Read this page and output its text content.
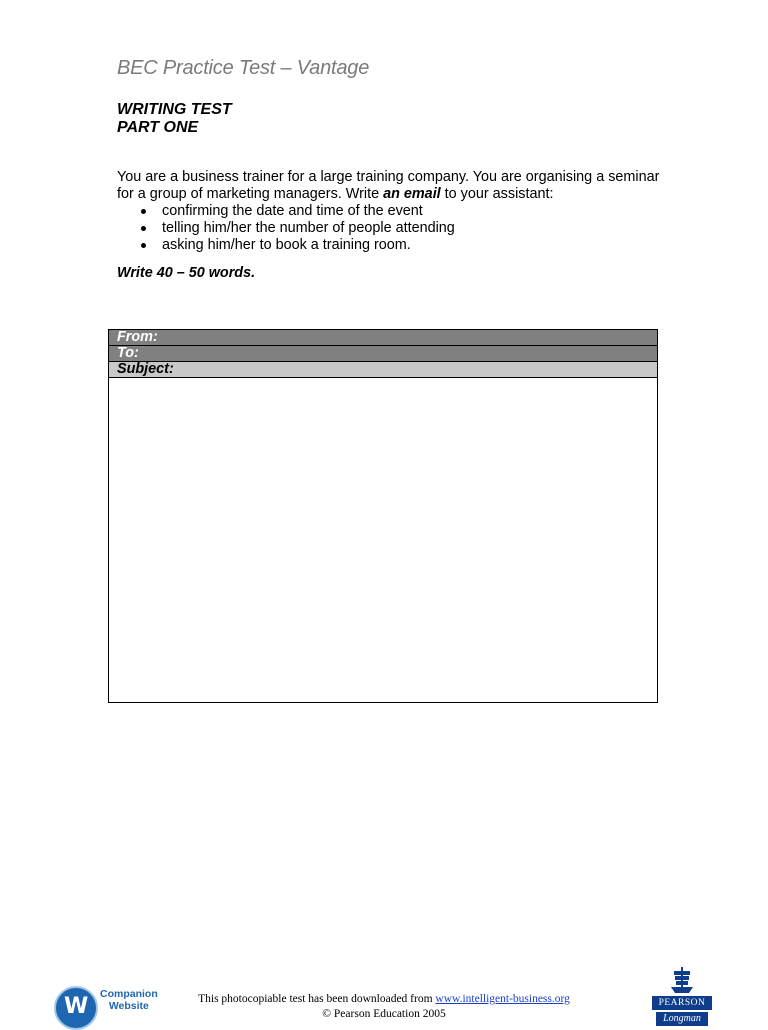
BEC Practice Test – Vantage
WRITING TEST
PART ONE

You are a business trainer for a large training company. You are organising a seminar for a group of marketing managers. Write an email to your assistant:

confirming the date and time of the event
telling him/her the number of people attending
asking him/her to book a training room.
Write 40 – 50 words.
From:
To:
Subject:
W Companion
Website
This photocopiable test has been downloaded from www.intelligent-business.org
© Pearson Education 2005
PEARSON
Longman
